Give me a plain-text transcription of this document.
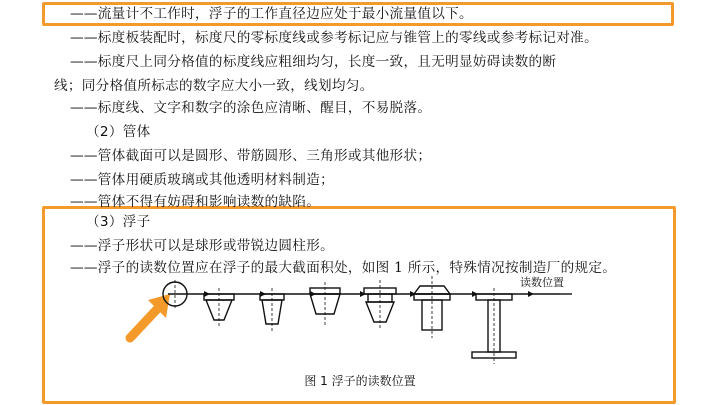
——流量计不工作时，浮子的工作直径边应处于最小流量值以下。
——标度板装配时，标度尺的零标度线或参考标记应与锥管上的零线或参考标记对准。
——标度尺上同分格值的标度线应粗细均匀，长度一致，且无明显妨碍读数的断
线；同分格值所标志的数字应大小一致，线划均匀。
——标度线、文字和数字的涂色应清晰、醒目，不易脱落。
（2）管体
——管体截面可以是圆形、带筋圆形、三角形或其他形状；
——管体用硬质玻璃或其他透明材料制造；
——管体不得有妨碍和影响读数的缺陷。
（3）浮子
——浮子形状可以是球形或带锐边圆柱形。
——浮子的读数位置应在浮子的最大截面积处，如图 1 所示，特殊情况按制造厂的规定。
读数位置
图 1 浮子的读数位置
